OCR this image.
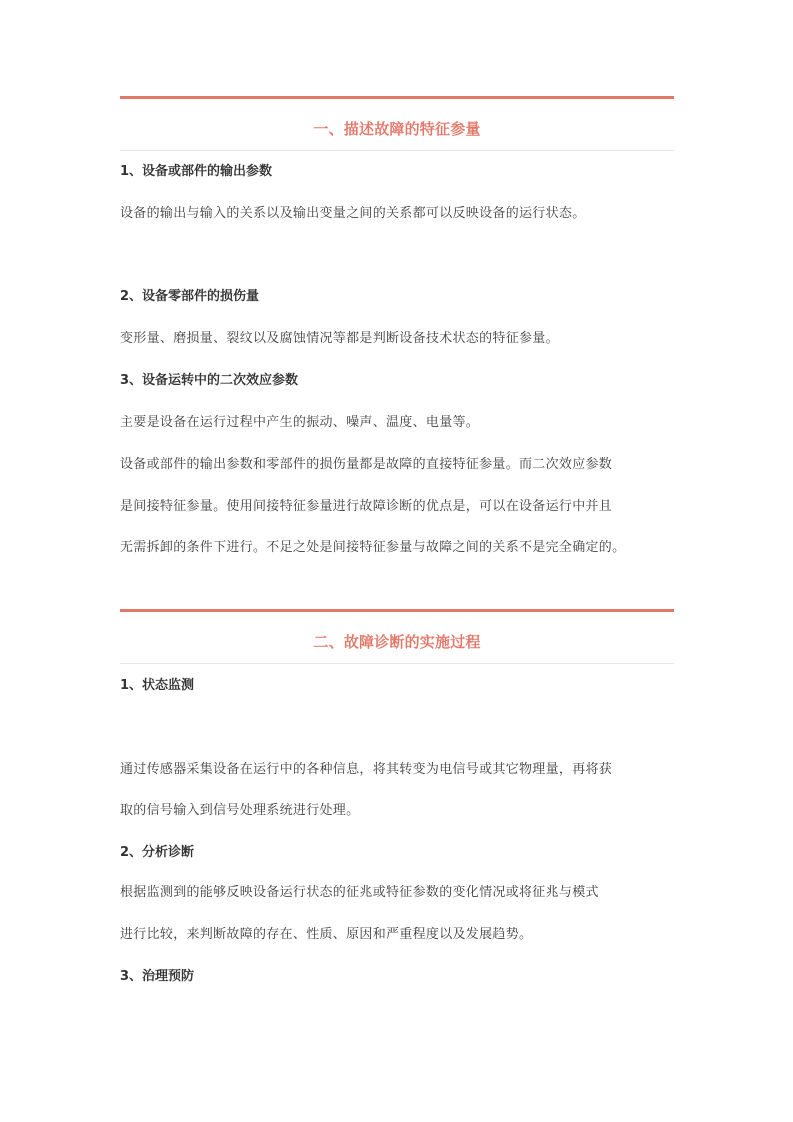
一、描述故障的特征参量
1、设备或部件的输出参数
设备的输出与输入的关系以及输出变量之间的关系都可以反映设备的运行状态。
2、设备零部件的损伤量
变形量、磨损量、裂纹以及腐蚀情况等都是判断设备技术状态的特征参量。
3、设备运转中的二次效应参数
主要是设备在运行过程中产生的振动、噪声、温度、电量等。
设备或部件的输出参数和零部件的损伤量都是故障的直接特征参量。而二次效应参数
是间接特征参量。使用间接特征参量进行故障诊断的优点是，可以在设备运行中并且
无需拆卸的条件下进行。不足之处是间接特征参量与故障之间的关系不是完全确定的。
二、故障诊断的实施过程
1、状态监测
通过传感器采集设备在运行中的各种信息，将其转变为电信号或其它物理量，再将获
取的信号输入到信号处理系统进行处理。
2、分析诊断
根据监测到的能够反映设备运行状态的征兆或特征参数的变化情况或将征兆与模式
进行比较，来判断故障的存在、性质、原因和严重程度以及发展趋势。
3、治理预防
